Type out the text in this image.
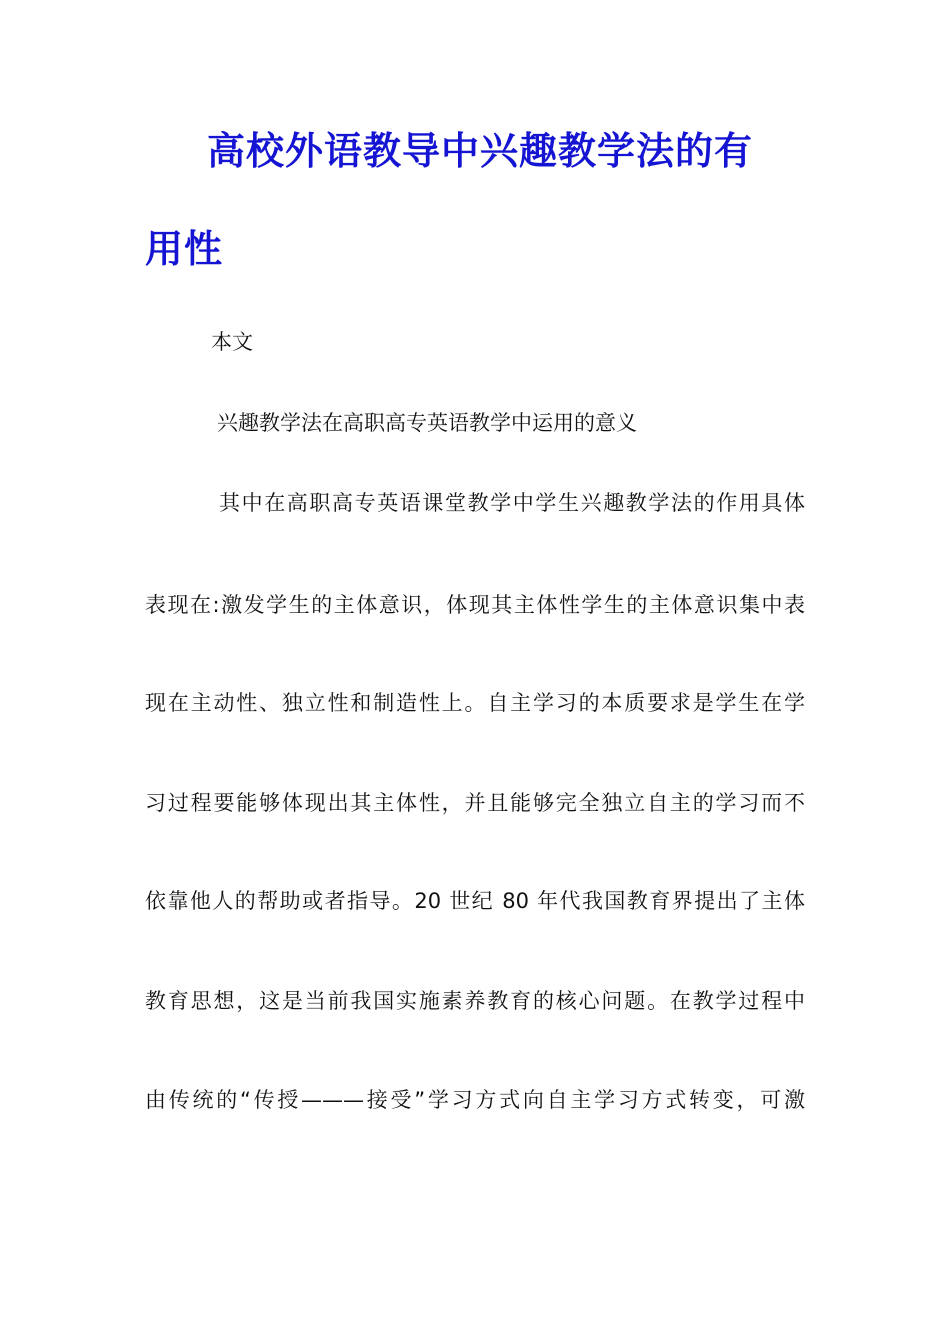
高校外语教导中兴趣教学法的有
用性
本文
兴趣教学法在高职高专英语教学中运用的意义
其中在高职高专英语课堂教学中学生兴趣教学法的作用具体
表现在:激发学生的主体意识，体现其主体性学生的主体意识集中表
现在主动性、独立性和制造性上。自主学习的本质要求是学生在学
习过程要能够体现出其主体性，并且能够完全独立自主的学习而不
依靠他人的帮助或者指导。20 世纪 80 年代我国教育界提出了主体
教育思想，这是当前我国实施素养教育的核心问题。在教学过程中
由传统的“传授———接受”学习方式向自主学习方式转变，可激
